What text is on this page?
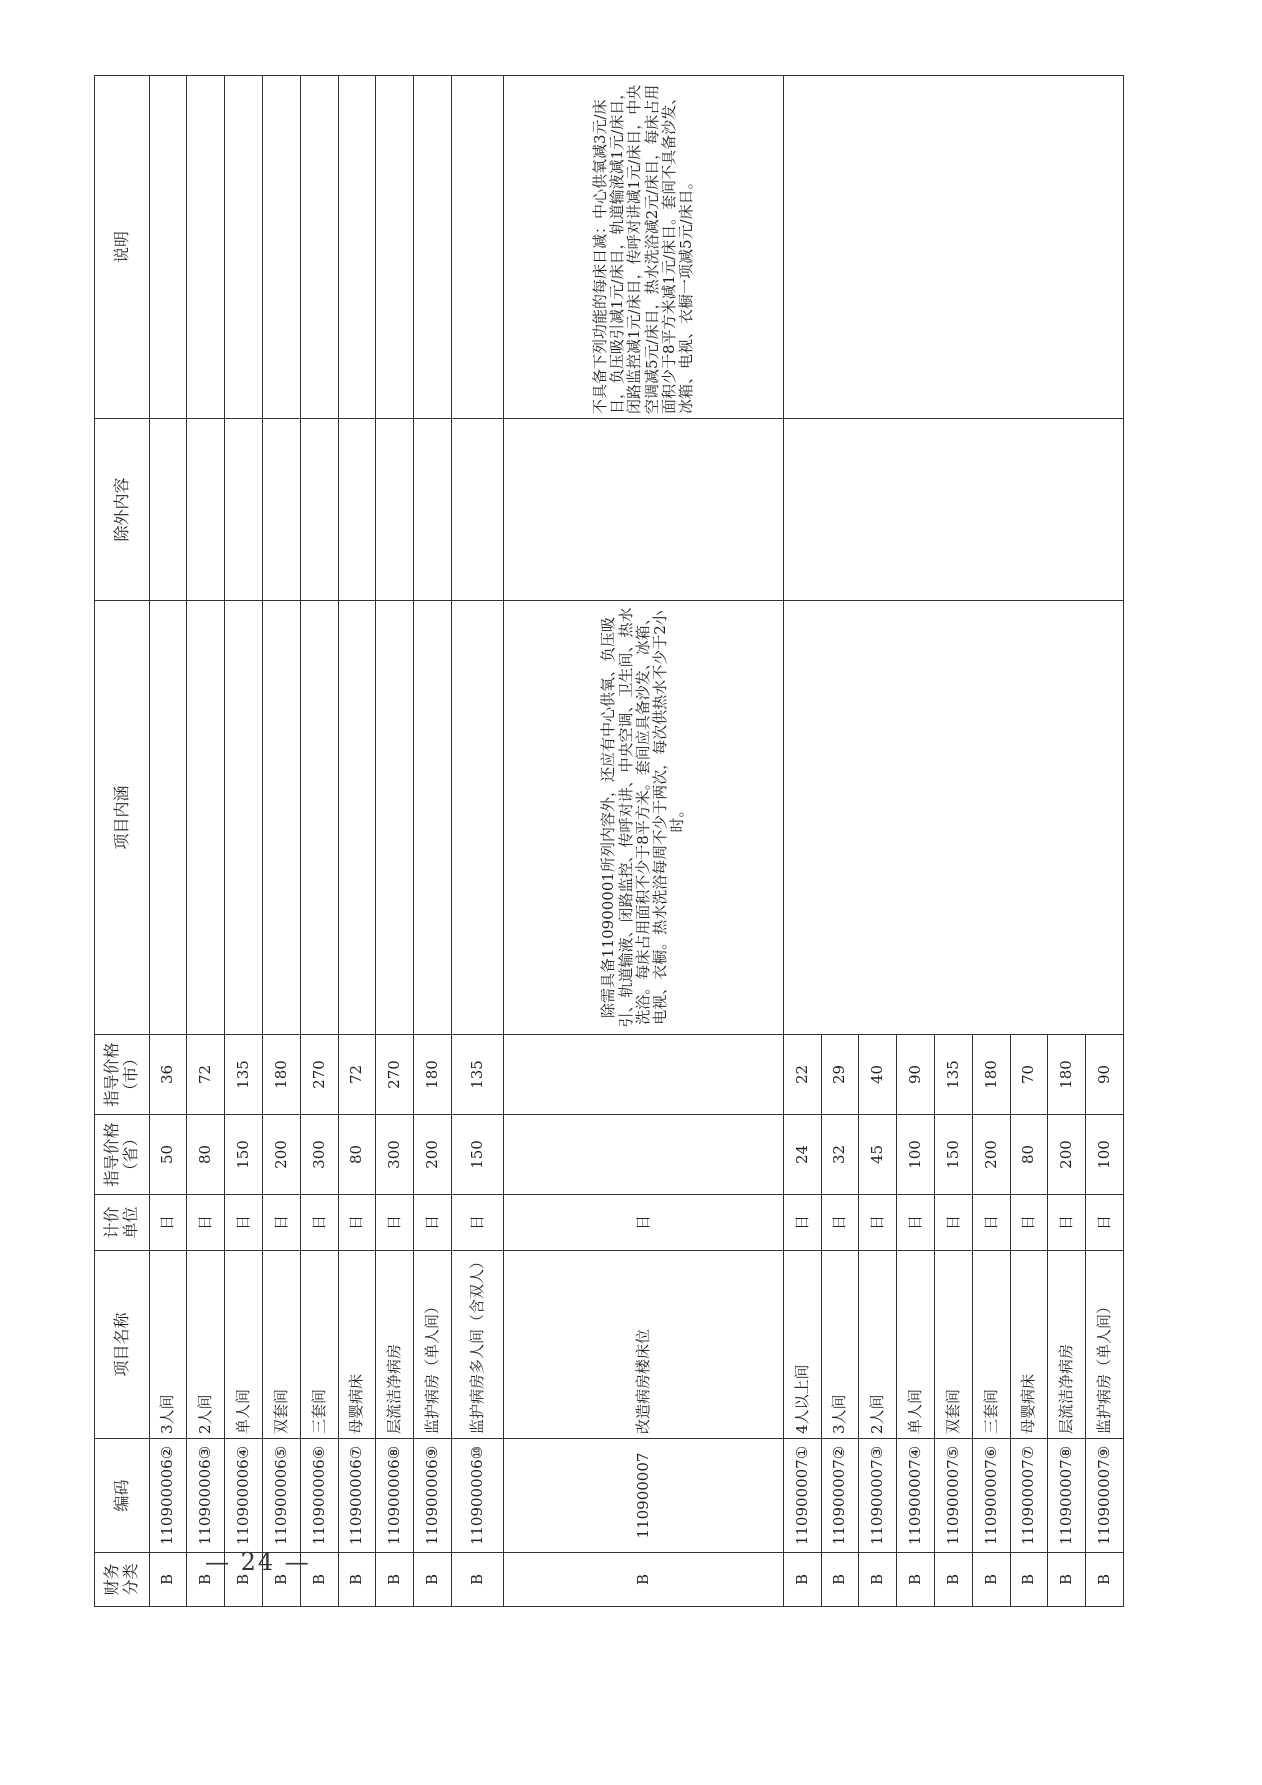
财务 分类	编码	项目名称	计价 单位	指导价格 （省）	指导价格 （市）	项目内涵	除外内容	说明
B	110900006②	3人间	日	50	36			
B	110900006③	2人间	日	80	72			
B	110900006④	单人间	日	150	135			
B	110900006⑤	双套间	日	200	180			
B	110900006⑥	三套间	日	300	270			
B	110900006⑦	母婴病床	日	80	72			
B	110900006⑧	层流洁净病房	日	300	270			
B	110900006⑨	监护病房（单人间）	日	200	180			
B	110900006⑩	监护病房多人间（含双人）	日	150	135			
B	110900007	改造病房楼床位	日			除需具备110900001所列内容外，还应有中心供氧、负压吸引、轨道输液、闭路监控、传呼对讲、中央空调、卫生间、热水洗浴。每床占用面积不少于8平方米。套间应具备沙发、冰箱、电视、衣橱。热水洗浴每周不少于两次，每次供热水不少于2小时。		不具备下列功能的每床日减：中心供氧减3元/床日，负压吸引减1元/床日，轨道输液减1元/床日，闭路监控减1元/床日，传呼对讲减1元/床日，中央空调减5元/床日，热水洗浴减2元/床日，每床占用面积少于8平方米减1元/床日。套间不具备沙发、冰箱、电视、衣橱一项减5元/床日。
B	110900007①	4人以上间	日	24	22			
B	110900007②	3人间	日	32	29			
B	110900007③	2人间	日	45	40			
B	110900007④	单人间	日	100	90			
B	110900007⑤	双套间	日	150	135			
B	110900007⑥	三套间	日	200	180			
B	110900007⑦	母婴病床	日	80	70			
B	110900007⑧	层流洁净病房	日	200	180			
B	110900007⑨	监护病房（单人间）	日	100	90			
— 24 —
